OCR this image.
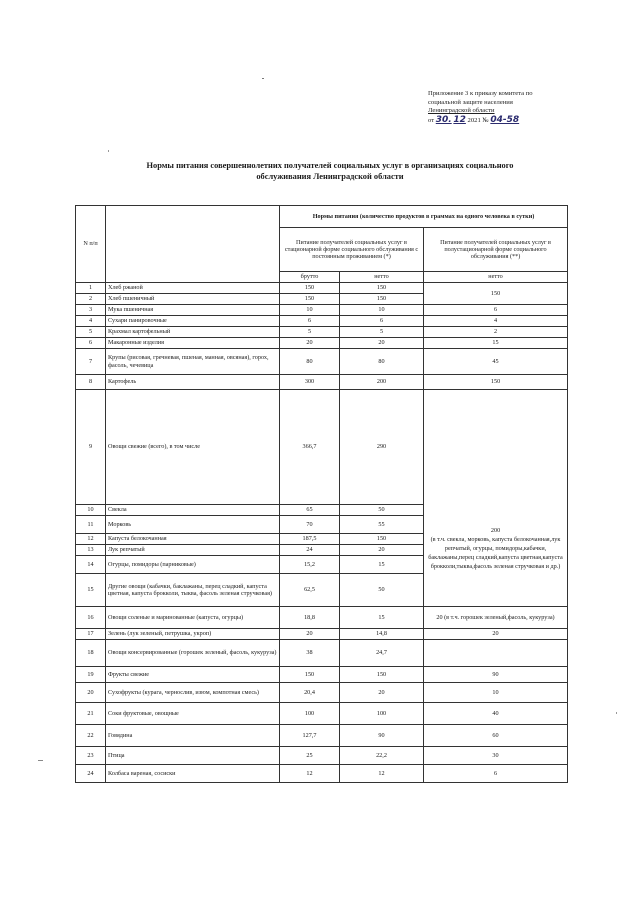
Приложение 3 к приказу комитета по
социальной защите населения
Ленинградской области
от 30. 12 2021 № 04-58
Нормы питания совершеннолетних получателей социальных услуг в организациях социального
обслуживания Ленинградской области
N п/п		Нормы питания (количество продуктов в граммах на одного человека в сутки)		
		Питание получателей социальных услуг в стационарной форме социального обслуживания с постоянным проживанием (*)		Питание получателей социальных услуг в полустационарной форме социального обслуживания (**)
		брутто	нетто	нетто
1	Хлеб ржаной	150	150	150
2	Хлеб пшеничный	150	150	
3	Мука пшеничная	10	10	6
4	Сухари панировочные	6	6	4
5	Крахмал картофельный	5	5	2
6	Макаронные изделия	20	20	15
7	Крупы (рисовая, гречневая, пшеная, манная, овсяная), горох, фасоль, чечевица	80	80	45
8	Картофель	300	200	150
9	Овощи свежие (всего), в том числе	366,7	290	200
(в т.ч. свекла, морковь, капуста белокочанная,лук репчатый, огурцы, помидоры,кабачки, баклажаны,перец сладкий,капуста цветная,капуста брокколи,тыква,фасоль зеленая стручковая и др.)
10	Свекла	65	50	
11	Морковь	70	55	
12	Капуста белокочанная	187,5	150	
13	Лук репчатый	24	20	
14	Огурцы, помидоры (парниковые)	15,2	15	
15	Другие овощи (кабачки, баклажаны, перец сладкий, капуста цветная, капуста брокколи, тыква, фасоль зеленая стручковая)	62,5	50	
16	Овощи соленые и маринованные (капуста, огурцы)	18,8	15	20 (в т.ч. горошек зеленый,фасоль, кукуруза)
17	Зелень (лук зеленый, петрушка, укроп)	20	14,8	20
18	Овощи консервированные (горошек зеленый, фасоль, кукуруза)	38	24,7	
19	Фрукты свежие	150	150	90
20	Сухофрукты (курага, чернослив, изюм, компотная смесь)	20,4	20	10
21	Соки фруктовые, овощные	100	100	40
22	Говядина	127,7	90	60
23	Птица	25	22,2	30
24	Колбаса вареная, сосиски	12	12	6
